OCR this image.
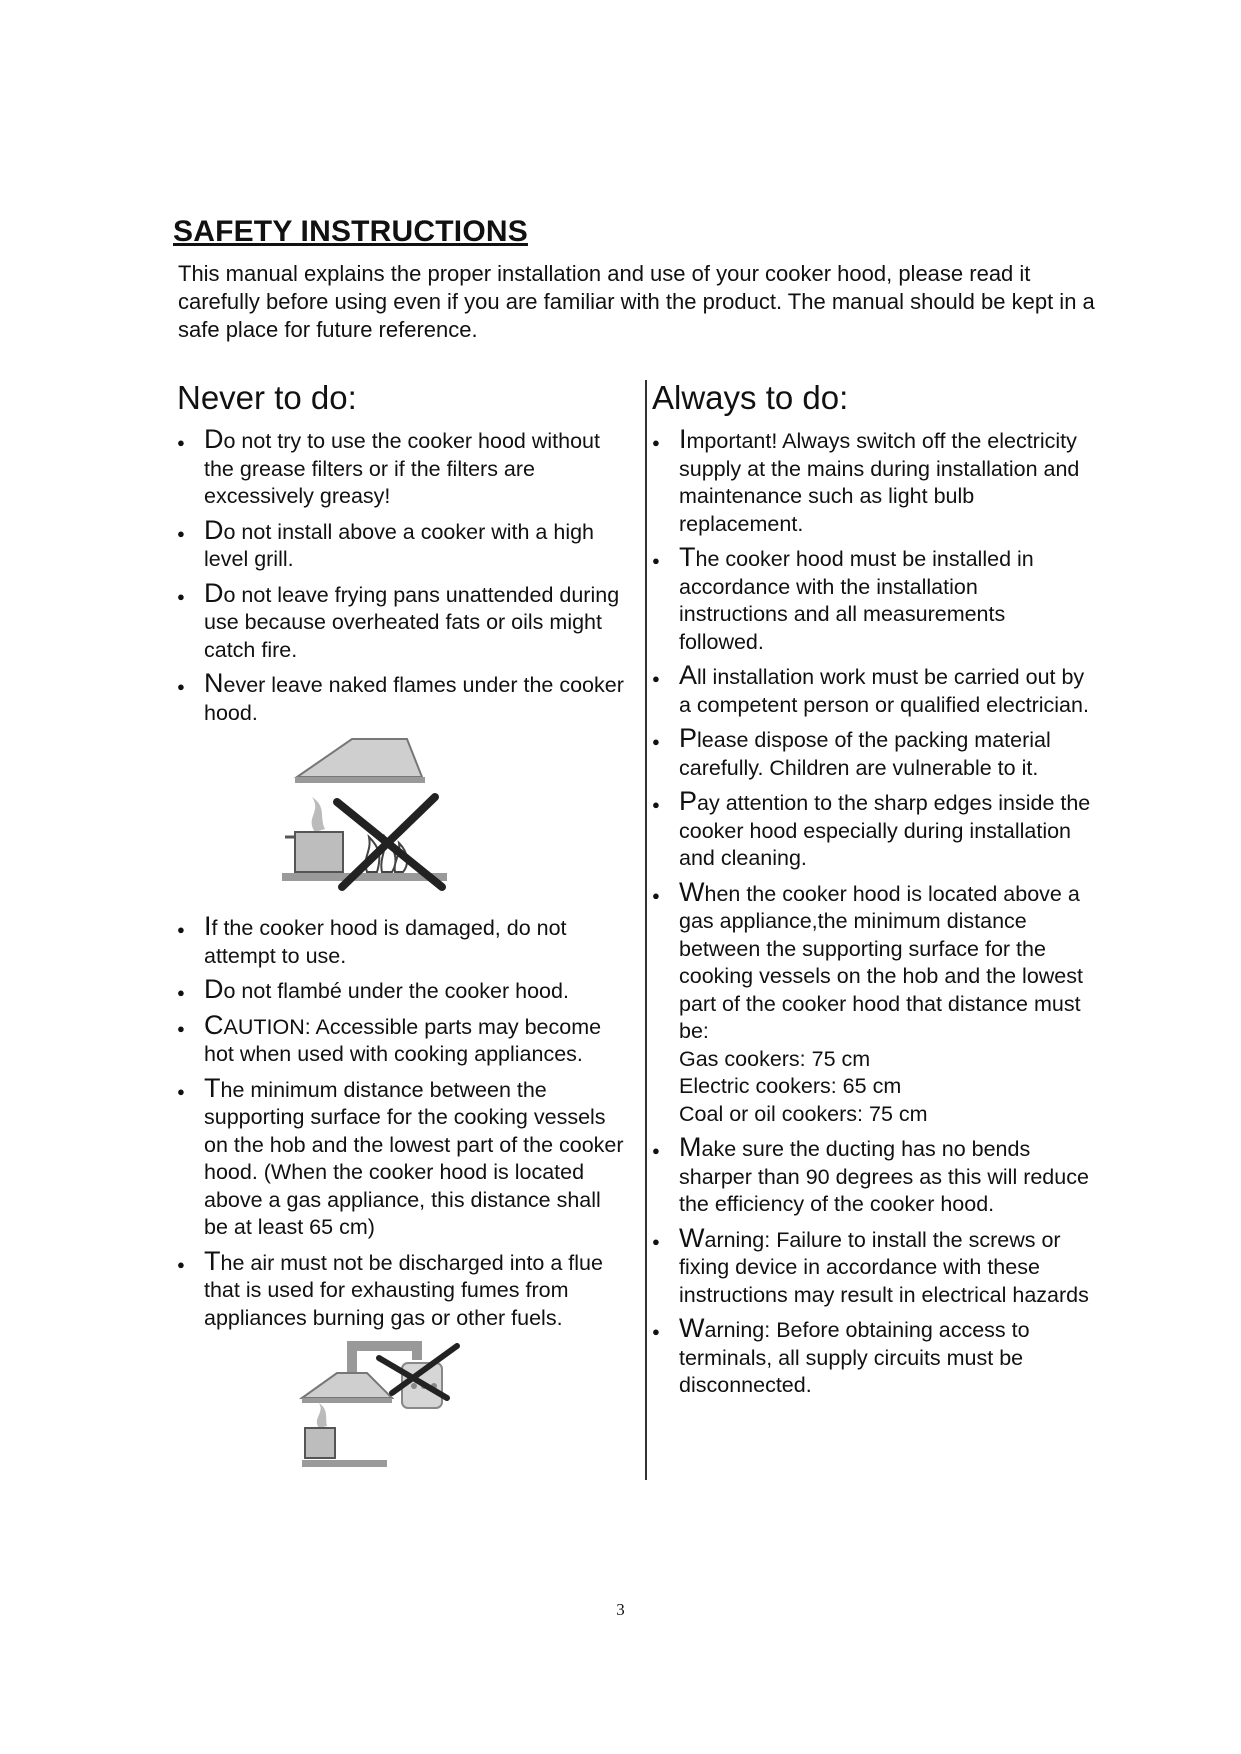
SAFETY INSTRUCTIONS

This manual explains the proper installation and use of your cooker hood, please read it carefully before using even if you are familiar with the product. The manual should be kept in a safe place for future reference.

Never to do:
● Do not try to use the cooker hood without the grease filters or if the filters are excessively greasy!
● Do not install above a cooker with a high level grill.
● Do not leave frying pans unattended during use because overheated fats or oils might catch fire.
● Never leave naked flames under the cooker hood.
● If the cooker hood is damaged, do not attempt to use.
● Do not flambé under the cooker hood.
● CAUTION: Accessible parts may become hot when used with cooking appliances.
● The minimum distance between the supporting surface for the cooking vessels on the hob and the lowest part of the cooker hood. (When the cooker hood is located above a gas appliance, this distance shall be at least 65 cm)
● The air must not be discharged into a flue that is used for exhausting fumes from appliances burning gas or other fuels.
Always to do:
● Important! Always switch off the electricity supply at the mains during installation and maintenance such as light bulb replacement.
● The cooker hood must be installed in accordance with the installation instructions and all measurements followed.
● All installation work must be carried out by a competent person or qualified electrician.
● Please dispose of the packing material carefully. Children are vulnerable to it.
● Pay attention to the sharp edges inside the cooker hood especially during installation and cleaning.
● When the cooker hood is located above a gas appliance,the minimum distance between the supporting surface for the cooking vessels on the hob and the lowest part of the cooker hood that distance must be:
Gas cookers: 75 cm
Electric cookers: 65 cm
Coal or oil cookers: 75 cm
● Make sure the ducting has no bends sharper than 90 degrees as this will reduce the efficiency of the cooker hood.
● Warning: Failure to install the screws or fixing device in accordance with these instructions may result in electrical hazards
● Warning: Before obtaining access to terminals, all supply circuits must be disconnected.
3
